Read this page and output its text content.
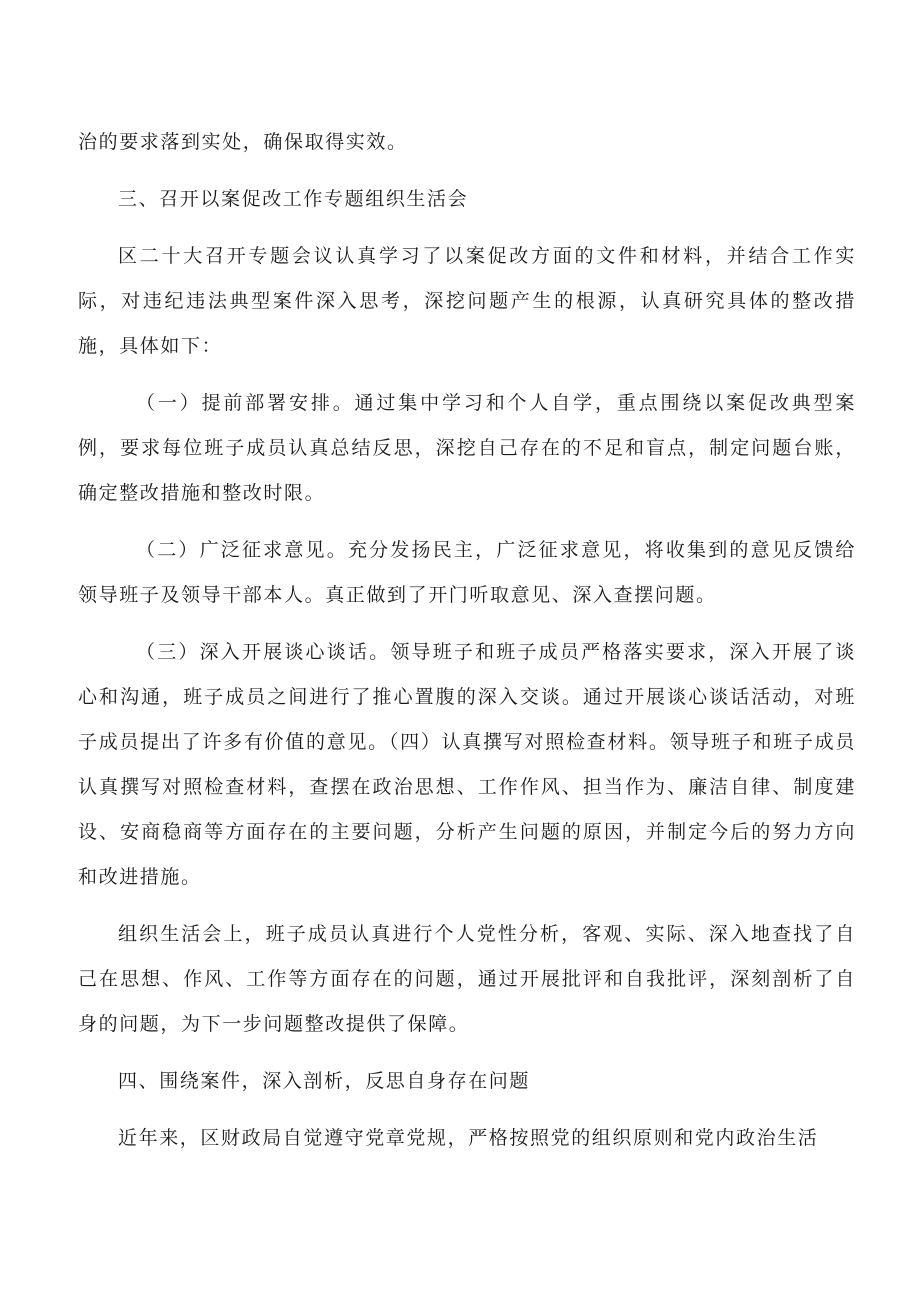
治的要求落到实处，确保取得实效。

三、召开以案促改工作专题组织生活会

区二十大召开专题会议认真学习了以案促改方面的文件和材料，并结合工作实际，对违纪违法典型案件深入思考，深挖问题产生的根源，认真研究具体的整改措施，具体如下：

（一）提前部署安排。通过集中学习和个人自学，重点围绕以案促改典型案例，要求每位班子成员认真总结反思，深挖自己存在的不足和盲点，制定问题台账，确定整改措施和整改时限。

（二）广泛征求意见。充分发扬民主，广泛征求意见，将收集到的意见反馈给领导班子及领导干部本人。真正做到了开门听取意见、深入查摆问题。

（三）深入开展谈心谈话。领导班子和班子成员严格落实要求，深入开展了谈心和沟通，班子成员之间进行了推心置腹的深入交谈。通过开展谈心谈话活动，对班子成员提出了许多有价值的意见。（四）认真撰写对照检查材料。领导班子和班子成员认真撰写对照检查材料，查摆在政治思想、工作作风、担当作为、廉洁自律、制度建设、安商稳商等方面存在的主要问题，分析产生问题的原因，并制定今后的努力方向和改进措施。

组织生活会上，班子成员认真进行个人党性分析，客观、实际、深入地查找了自己在思想、作风、工作等方面存在的问题，通过开展批评和自我批评，深刻剖析了自身的问题，为下一步问题整改提供了保障。

四、围绕案件，深入剖析，反思自身存在问题

近年来，区财政局自觉遵守党章党规，严格按照党的组织原则和党内政治生活
